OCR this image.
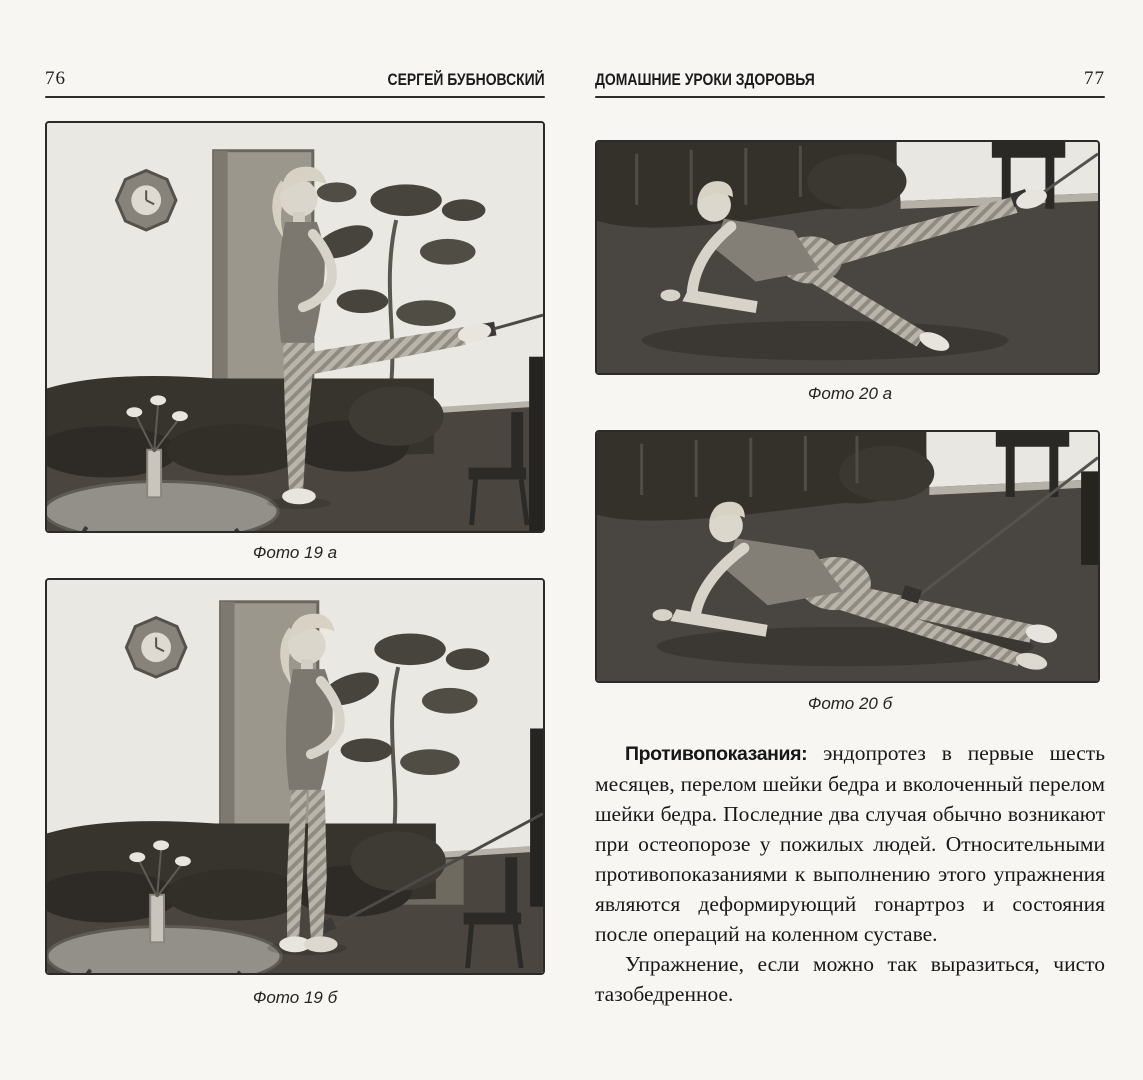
76	СЕРГЕЙ БУБНОВСКИЙ
Фото 19 а
Фото 19 б
ДОМАШНИЕ УРОКИ ЗДОРОВЬЯ	77
Фото 20 а
Фото 20 б

Противопоказания: эндопротез в первые шесть месяцев, перелом шейки бедра и вколоченный перелом шейки бедра. Последние два случая обычно возникают при остеопорозе у пожилых людей. Относительными противопоказаниями к выполнению этого упражнения являются деформирующий гонартроз и состояния после операций на коленном суставе.

Упражнение, если можно так выразиться, чисто тазобедренное.
